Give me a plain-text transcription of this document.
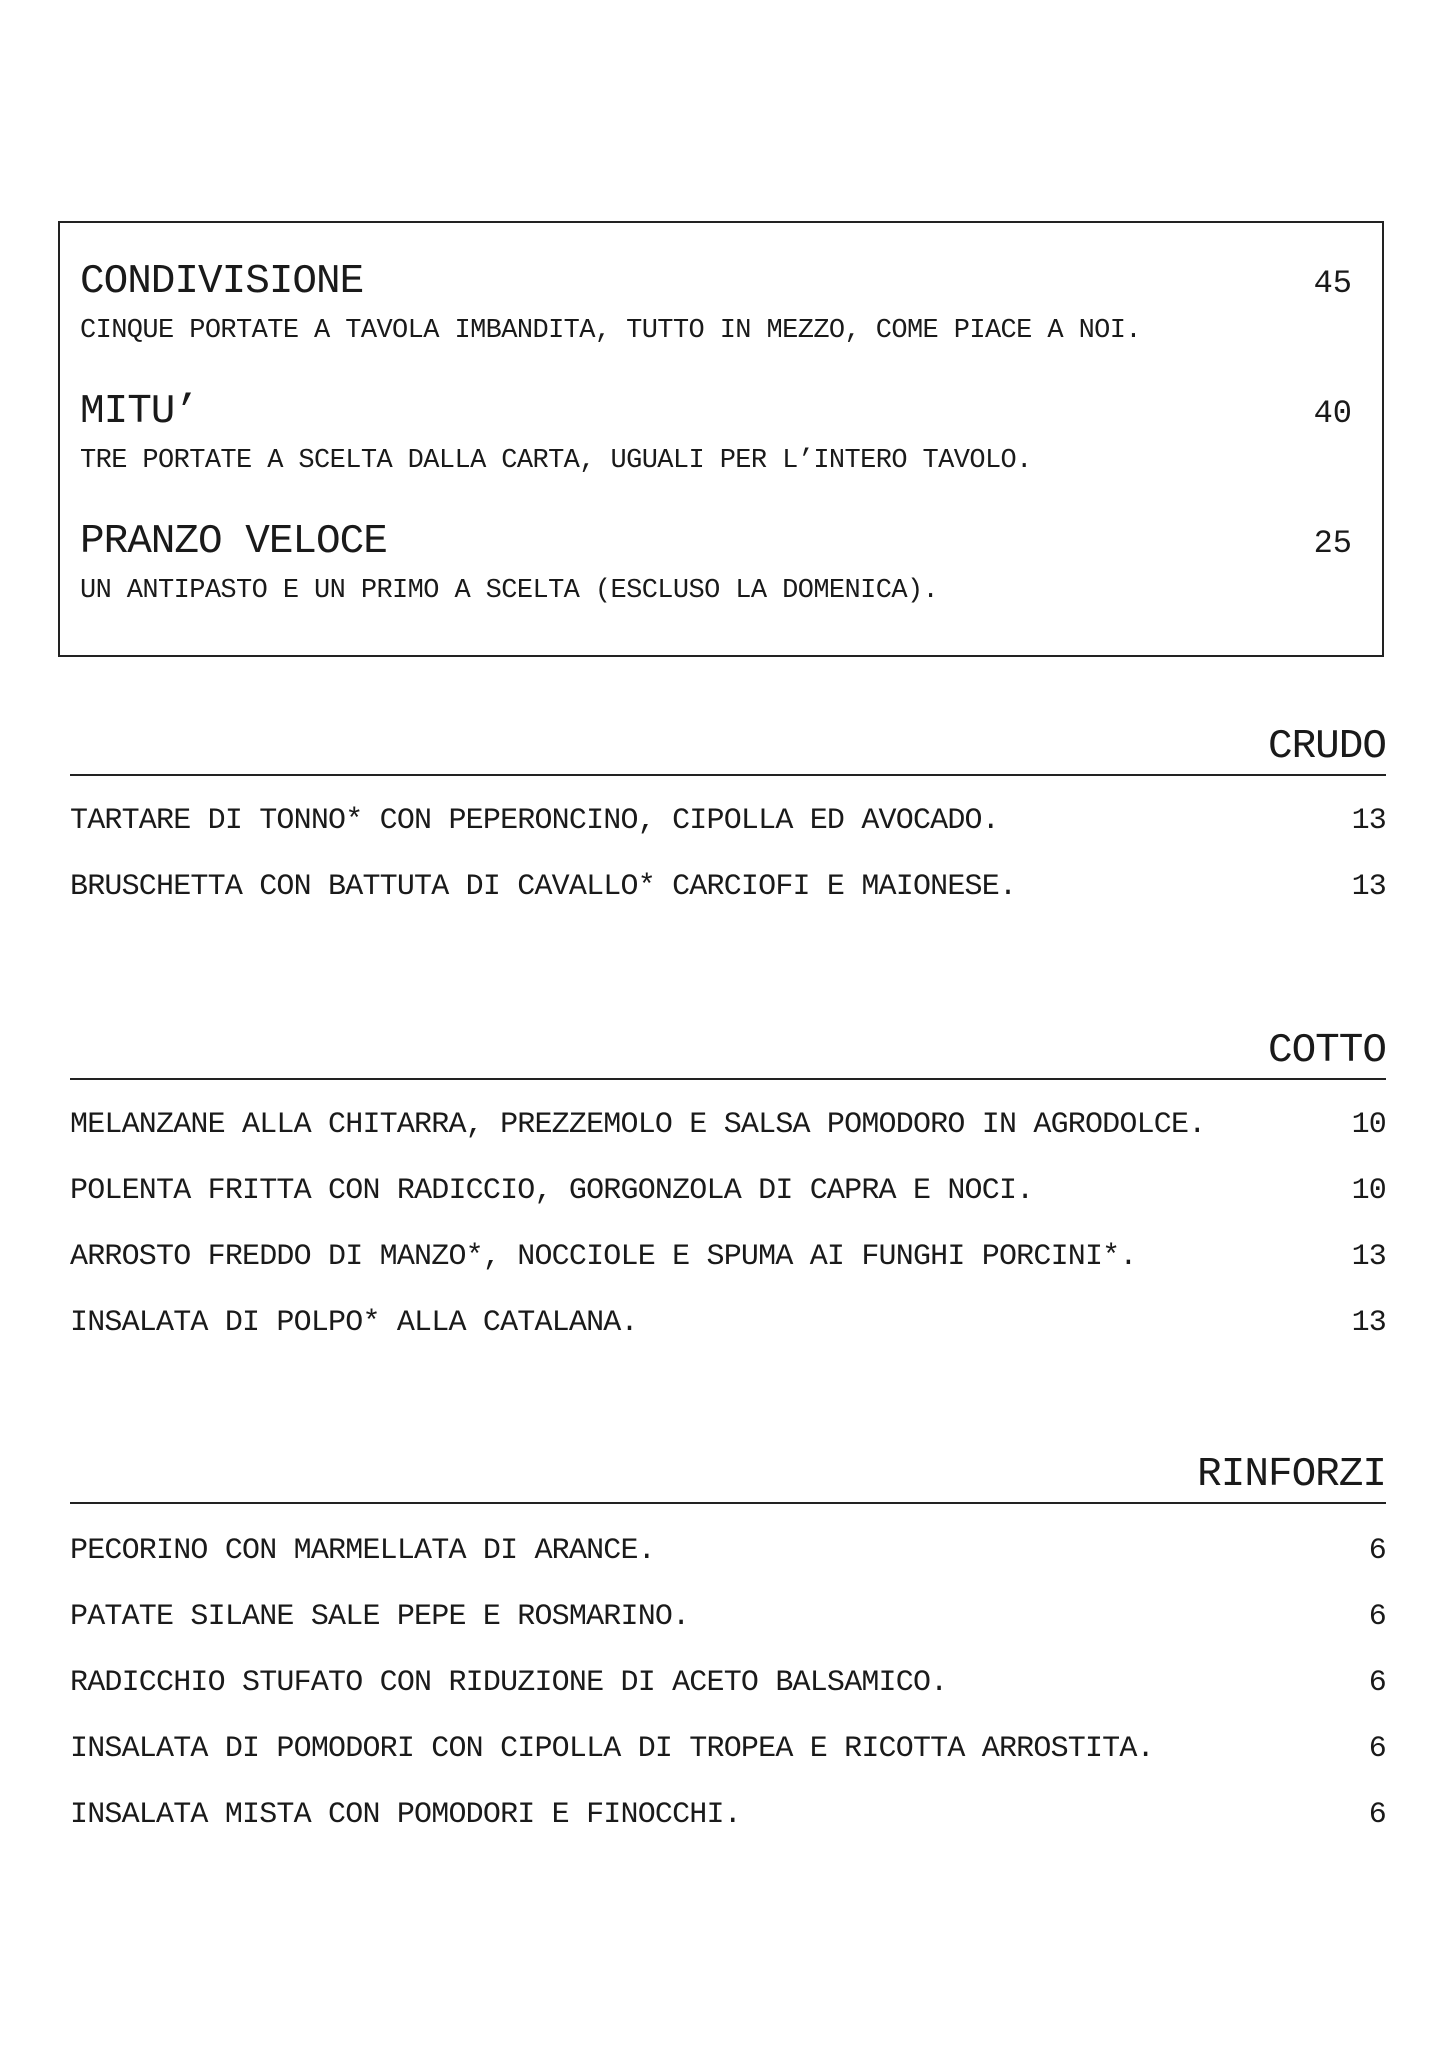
CONDIVISIONE	45
CINQUE PORTATE A TAVOLA IMBANDITA, TUTTO IN MEZZO, COME PIACE A NOI.
MITU’	40
TRE PORTATE A SCELTA DALLA CARTA, UGUALI PER L’INTERO TAVOLO.
PRANZO VELOCE	25
UN ANTIPASTO E UN PRIMO A SCELTA (ESCLUSO LA DOMENICA).
CRUDO
TARTARE DI TONNO* CON PEPERONCINO, CIPOLLA ED AVOCADO.	13
BRUSCHETTA CON BATTUTA DI CAVALLO* CARCIOFI E MAIONESE.	13
COTTO
MELANZANE ALLA CHITARRA, PREZZEMOLO E SALSA POMODORO IN AGRODOLCE.	10
POLENTA FRITTA CON RADICCIO, GORGONZOLA DI CAPRA E NOCI.	10
ARROSTO FREDDO DI MANZO*, NOCCIOLE E SPUMA AI FUNGHI PORCINI*.	13
INSALATA DI POLPO* ALLA CATALANA.	13
RINFORZI
PECORINO CON MARMELLATA DI ARANCE.	6
PATATE SILANE SALE PEPE E ROSMARINO.	6
RADICCHIO STUFATO CON RIDUZIONE DI ACETO BALSAMICO.	6
INSALATA DI POMODORI CON CIPOLLA DI TROPEA E RICOTTA ARROSTITA.	6
INSALATA MISTA CON POMODORI E FINOCCHI.	6
